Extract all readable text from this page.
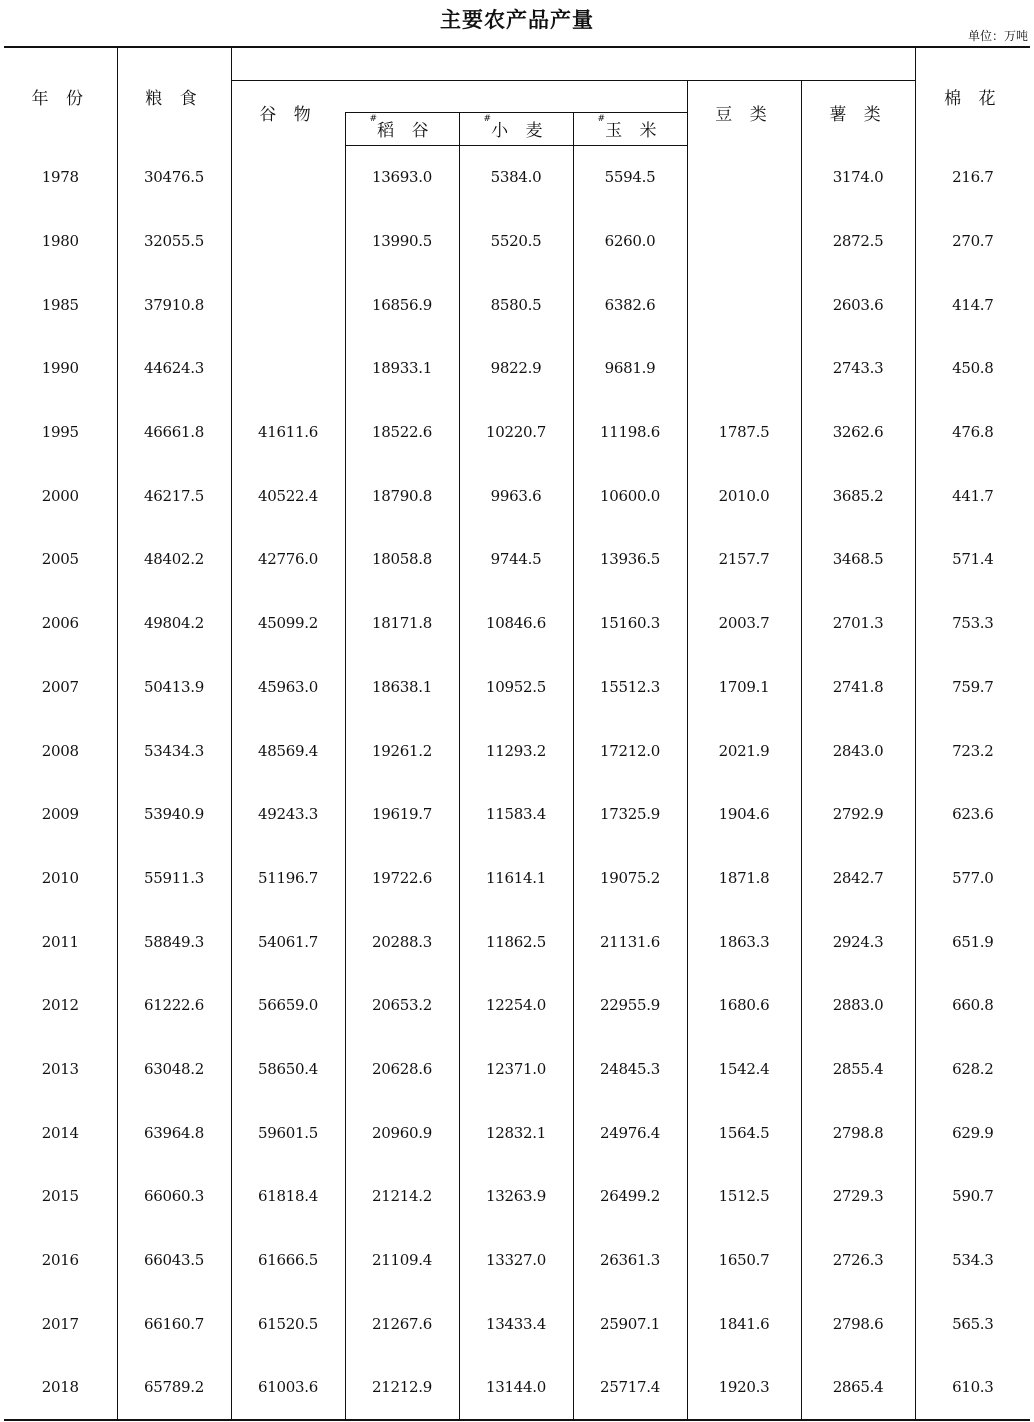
主要农产品产量
单位：万吨
年 份	粮 食							棉 花
		谷 物				豆 类	薯 类	
			#稻 谷	#小 麦	#玉 米			
1978	30476.5		13693.0	5384.0	5594.5		3174.0	216.7
1980	32055.5		13990.5	5520.5	6260.0		2872.5	270.7
1985	37910.8		16856.9	8580.5	6382.6		2603.6	414.7
1990	44624.3		18933.1	9822.9	9681.9		2743.3	450.8
1995	46661.8	41611.6	18522.6	10220.7	11198.6	1787.5	3262.6	476.8
2000	46217.5	40522.4	18790.8	9963.6	10600.0	2010.0	3685.2	441.7
2005	48402.2	42776.0	18058.8	9744.5	13936.5	2157.7	3468.5	571.4
2006	49804.2	45099.2	18171.8	10846.6	15160.3	2003.7	2701.3	753.3
2007	50413.9	45963.0	18638.1	10952.5	15512.3	1709.1	2741.8	759.7
2008	53434.3	48569.4	19261.2	11293.2	17212.0	2021.9	2843.0	723.2
2009	53940.9	49243.3	19619.7	11583.4	17325.9	1904.6	2792.9	623.6
2010	55911.3	51196.7	19722.6	11614.1	19075.2	1871.8	2842.7	577.0
2011	58849.3	54061.7	20288.3	11862.5	21131.6	1863.3	2924.3	651.9
2012	61222.6	56659.0	20653.2	12254.0	22955.9	1680.6	2883.0	660.8
2013	63048.2	58650.4	20628.6	12371.0	24845.3	1542.4	2855.4	628.2
2014	63964.8	59601.5	20960.9	12832.1	24976.4	1564.5	2798.8	629.9
2015	66060.3	61818.4	21214.2	13263.9	26499.2	1512.5	2729.3	590.7
2016	66043.5	61666.5	21109.4	13327.0	26361.3	1650.7	2726.3	534.3
2017	66160.7	61520.5	21267.6	13433.4	25907.1	1841.6	2798.6	565.3
2018	65789.2	61003.6	21212.9	13144.0	25717.4	1920.3	2865.4	610.3
